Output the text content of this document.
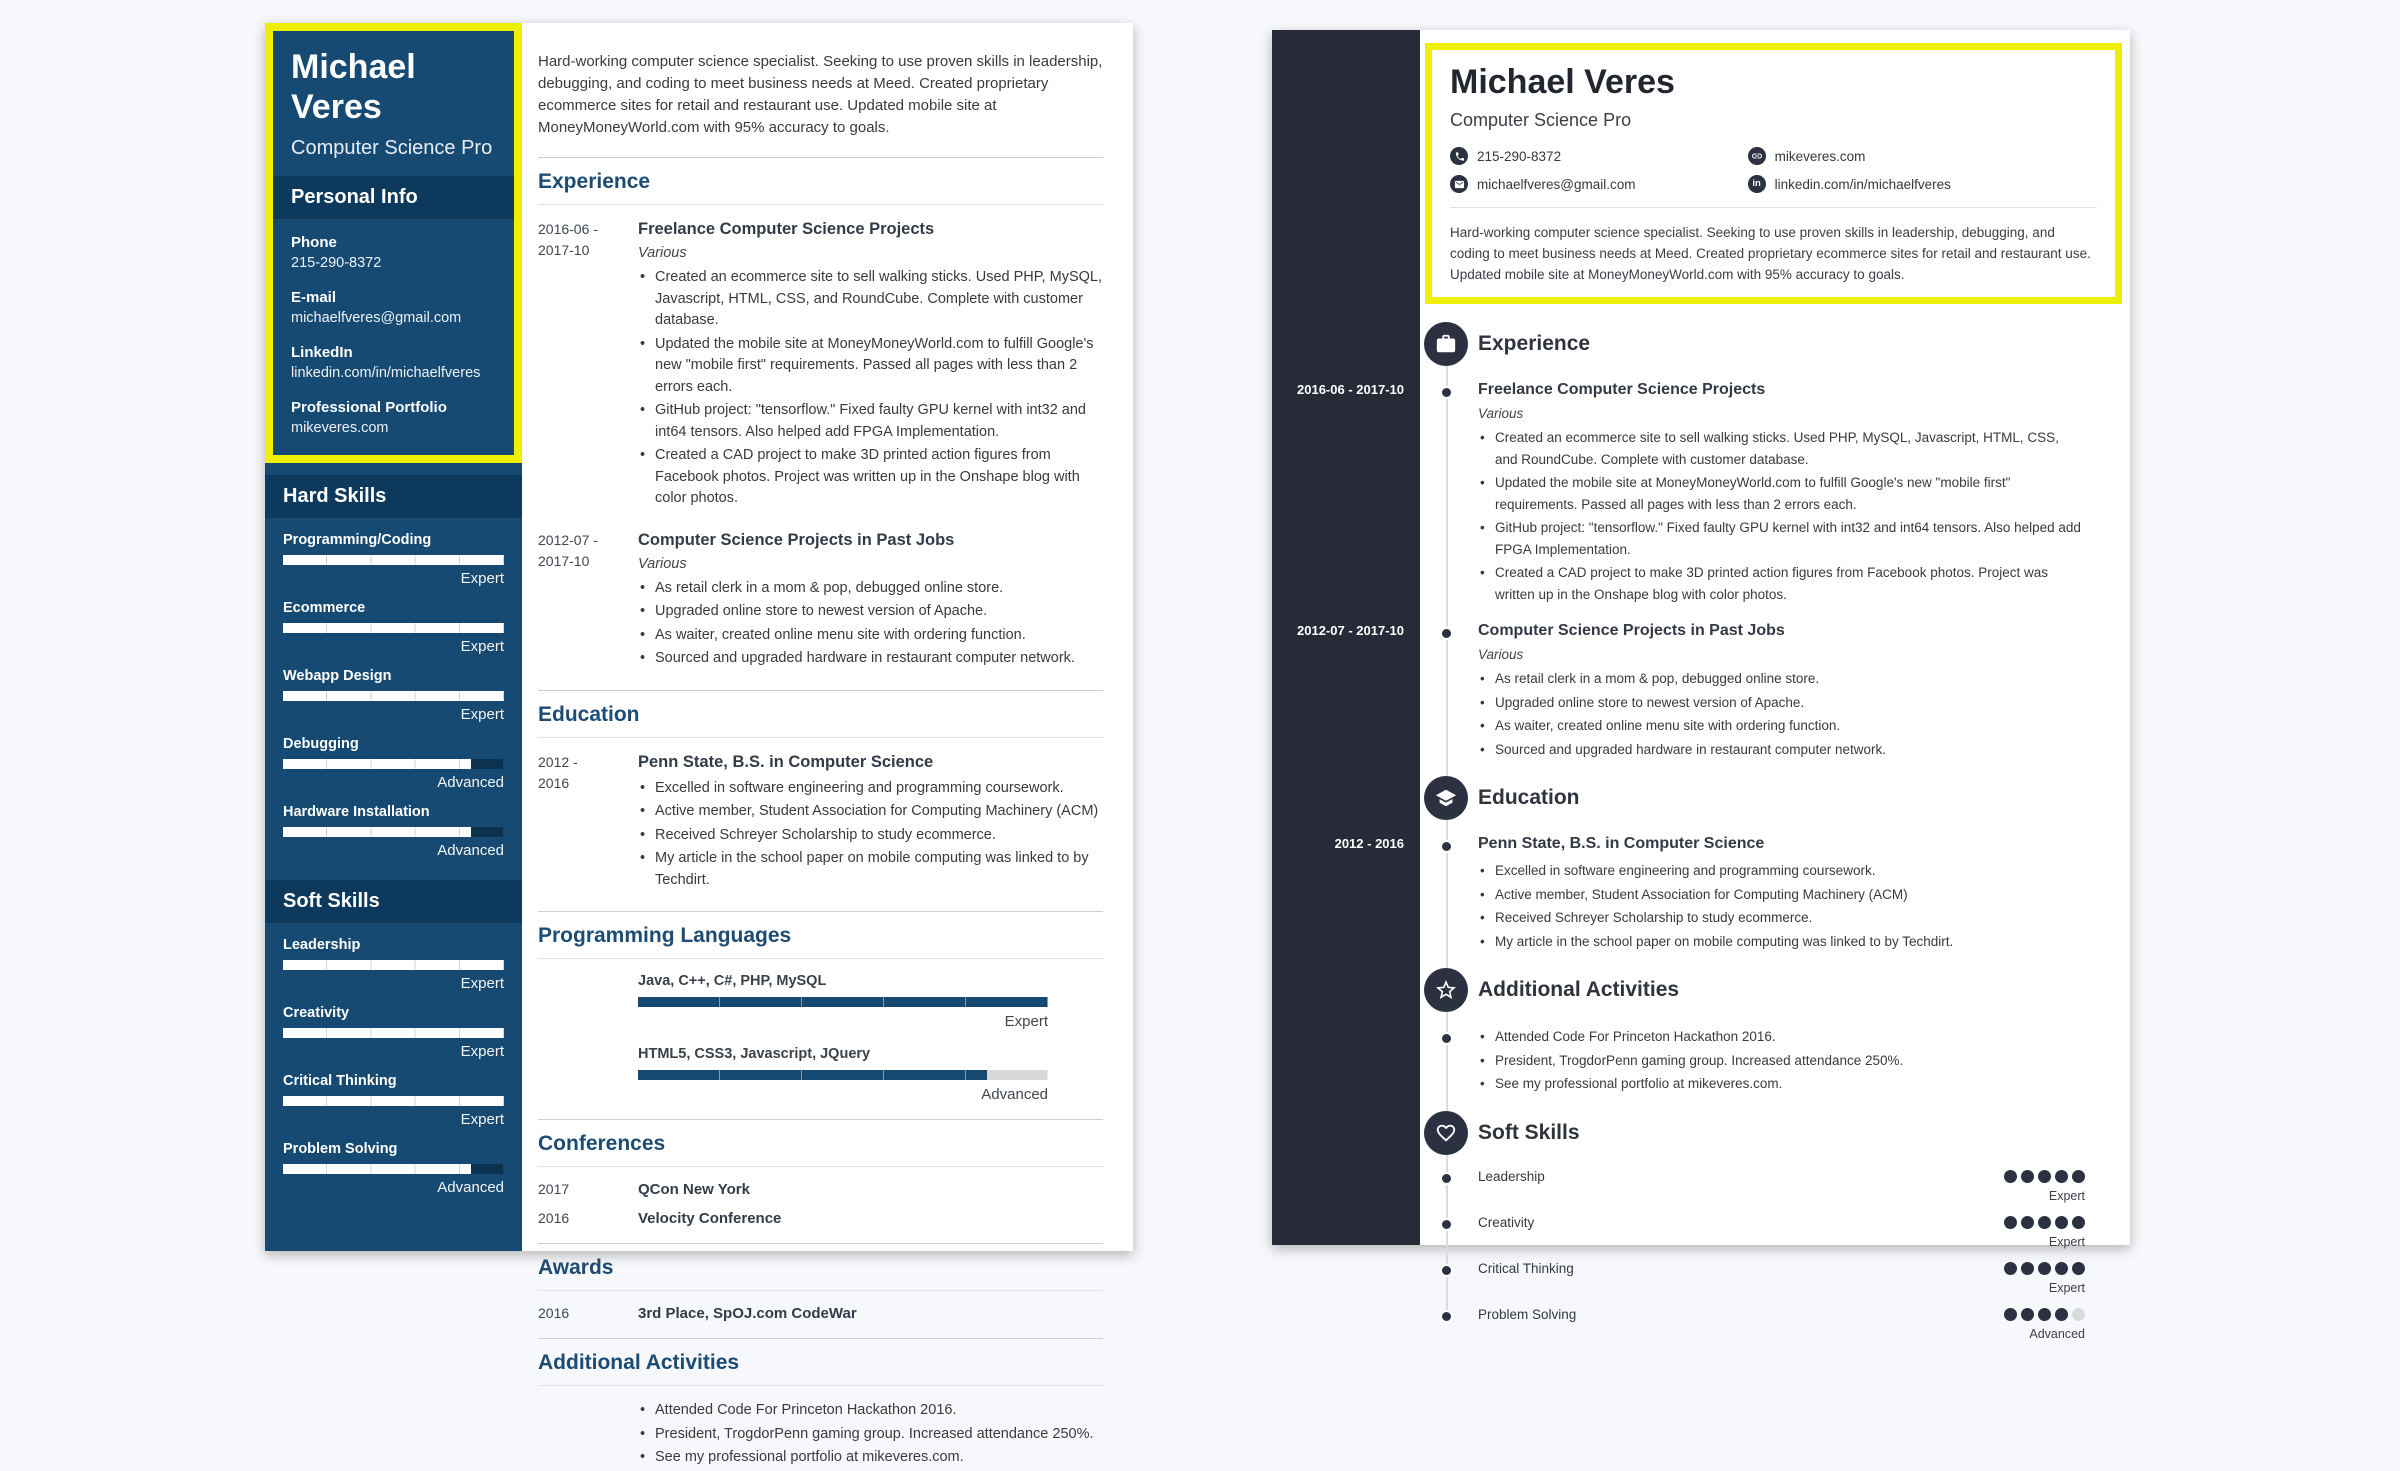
Michael
Veres
Computer Science Pro
Personal Info
Phone
215-290-8372
E-mail
michaelfveres@gmail.com
LinkedIn
linkedin.com/in/michaelfveres
Professional Portfolio
mikeveres.com
Hard Skills
Programming/Coding
Expert
Ecommerce
Expert
Webapp Design
Expert
Debugging
Advanced
Hardware Installation
Advanced
Soft Skills
Leadership
Expert
Creativity
Expert
Critical Thinking
Expert
Problem Solving
Advanced

Hard-working computer science specialist. Seeking to use proven skills in leadership, debugging, and coding to meet business needs at Meed. Created proprietary ecommerce sites for retail and restaurant use. Updated mobile site at MoneyMoneyWorld.com with 95% accuracy to goals.

Experience
2016-06 -
2017-10
Freelance Computer Science Projects
Various
• Created an ecommerce site to sell walking sticks. Used PHP, MySQL, Javascript, HTML, CSS, and RoundCube. Complete with customer database.
• Updated the mobile site at MoneyMoneyWorld.com to fulfill Google's new "mobile first" requirements. Passed all pages with less than 2 errors each.
• GitHub project: "tensorflow." Fixed faulty GPU kernel with int32 and int64 tensors. Also helped add FPGA Implementation.
• Created a CAD project to make 3D printed action figures from Facebook photos. Project was written up in the Onshape blog with color photos.
2012-07 -
2017-10
Computer Science Projects in Past Jobs
Various
• As retail clerk in a mom & pop, debugged online store.
• Upgraded online store to newest version of Apache.
• As waiter, created online menu site with ordering function.
• Sourced and upgraded hardware in restaurant computer network.
Education
2012 -
2016
Penn State, B.S. in Computer Science
• Excelled in software engineering and programming coursework.
• Active member, Student Association for Computing Machinery (ACM)
• Received Schreyer Scholarship to study ecommerce.
• My article in the school paper on mobile computing was linked to by Techdirt.
Programming Languages
Java, C++, C#, PHP, MySQL
Expert
HTML5, CSS3, Javascript, JQuery
Advanced
Conferences
2017	QCon New York
2016	Velocity Conference
Awards
2016	3rd Place, SpOJ.com CodeWar
Additional Activities
• Attended Code For Princeton Hackathon 2016.
• President, TrogdorPenn gaming group. Increased attendance 250%.
• See my professional portfolio at mikeveres.com.
Michael Veres
Computer Science Pro
215-290-8372	mikeveres.com
michaelfveres@gmail.com	in linkedin.com/in/michaelfveres
Hard-working computer science specialist. Seeking to use proven skills in leadership, debugging, and coding to meet business needs at Meed. Created proprietary ecommerce sites for retail and restaurant use. Updated mobile site at MoneyMoneyWorld.com with 95% accuracy to goals.
Experience
2016-06 - 2017-10	Freelance Computer Science Projects
Various
• Created an ecommerce site to sell walking sticks. Used PHP, MySQL, Javascript, HTML, CSS, and RoundCube. Complete with customer database.
• Updated the mobile site at MoneyMoneyWorld.com to fulfill Google's new "mobile first" requirements. Passed all pages with less than 2 errors each.
• GitHub project: "tensorflow." Fixed faulty GPU kernel with int32 and int64 tensors. Also helped add FPGA Implementation.
• Created a CAD project to make 3D printed action figures from Facebook photos. Project was written up in the Onshape blog with color photos.
2012-07 - 2017-10	Computer Science Projects in Past Jobs
Various
• As retail clerk in a mom & pop, debugged online store.
• Upgraded online store to newest version of Apache.
• As waiter, created online menu site with ordering function.
• Sourced and upgraded hardware in restaurant computer network.
Education
2012 - 2016	Penn State, B.S. in Computer Science
• Excelled in software engineering and programming coursework.
• Active member, Student Association for Computing Machinery (ACM)
• Received Schreyer Scholarship to study ecommerce.
• My article in the school paper on mobile computing was linked to by Techdirt.
Additional Activities
• Attended Code For Princeton Hackathon 2016.
• President, TrogdorPenn gaming group. Increased attendance 250%.
• See my professional portfolio at mikeveres.com.
Soft Skills
Leadership
Expert
Creativity
Expert
Critical Thinking
Expert
Problem Solving
Advanced
